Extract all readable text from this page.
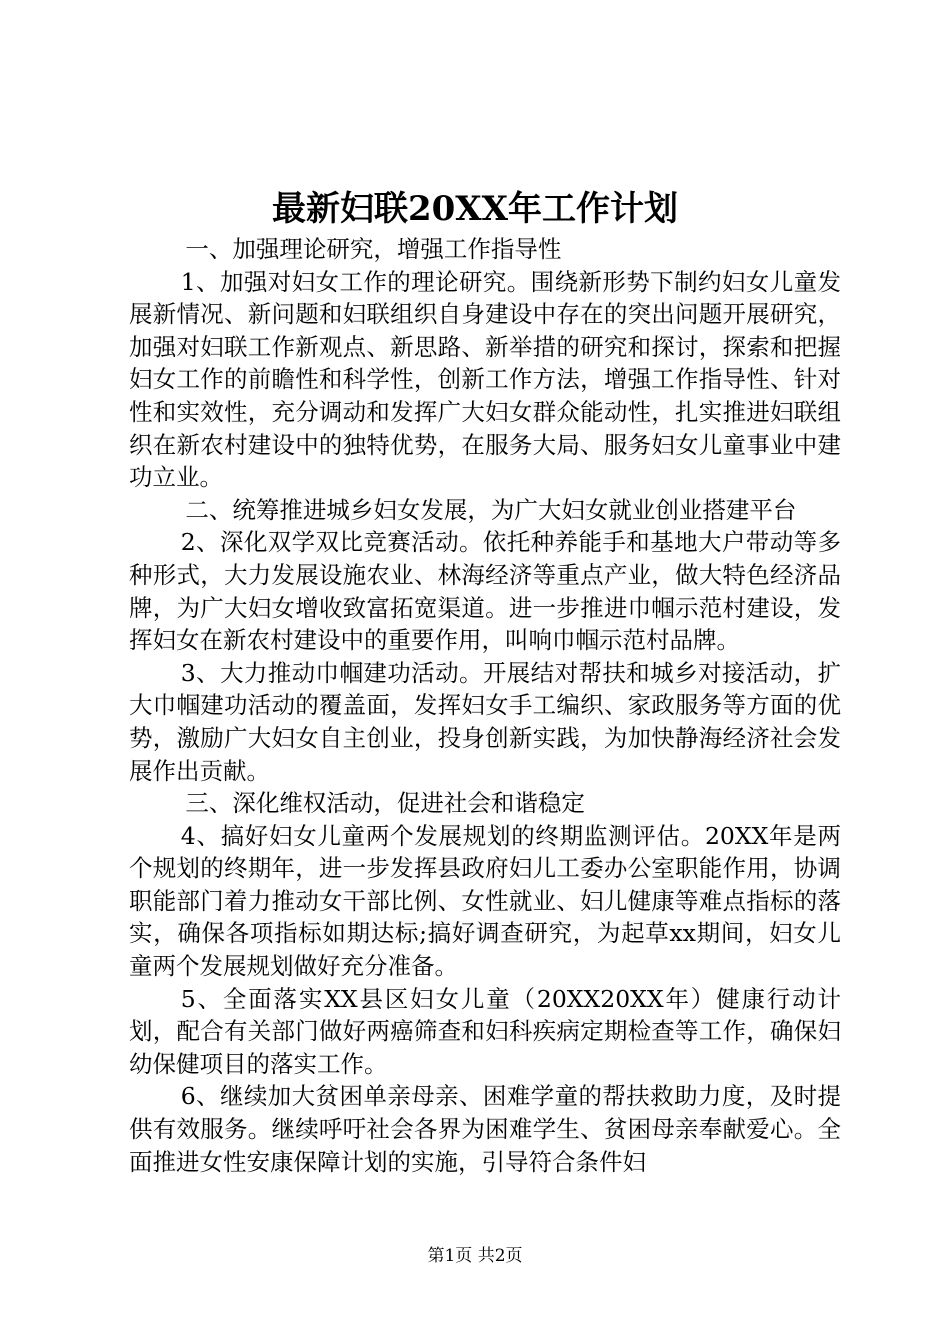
最新妇联20XX年工作计划

一、加强理论研究，增强工作指导性

1、加强对妇女工作的理论研究。围绕新形势下制约妇女儿童发展新情况、新问题和妇联组织自身建设中存在的突出问题开展研究，加强对妇联工作新观点、新思路、新举措的研究和探讨，探索和把握妇女工作的前瞻性和科学性，创新工作方法，增强工作指导性、针对性和实效性，充分调动和发挥广大妇女群众能动性，扎实推进妇联组织在新农村建设中的独特优势，在服务大局、服务妇女儿童事业中建功立业。

二、统筹推进城乡妇女发展，为广大妇女就业创业搭建平台

2、深化双学双比竞赛活动。依托种养能手和基地大户带动等多种形式，大力发展设施农业、林海经济等重点产业，做大特色经济品牌，为广大妇女增收致富拓宽渠道。进一步推进巾帼示范村建设，发挥妇女在新农村建设中的重要作用，叫响巾帼示范村品牌。

3、大力推动巾帼建功活动。开展结对帮扶和城乡对接活动，扩大巾帼建功活动的覆盖面，发挥妇女手工编织、家政服务等方面的优势，激励广大妇女自主创业，投身创新实践，为加快静海经济社会发展作出贡献。

三、深化维权活动，促进社会和谐稳定

4、搞好妇女儿童两个发展规划的终期监测评估。20XX年是两个规划的终期年，进一步发挥县政府妇儿工委办公室职能作用，协调职能部门着力推动女干部比例、女性就业、妇儿健康等难点指标的落实，确保各项指标如期达标;搞好调查研究，为起草xx期间，妇女儿童两个发展规划做好充分准备。

5、全面落实XX县区妇女儿童（20XX20XX年）健康行动计划，配合有关部门做好两癌筛查和妇科疾病定期检查等工作，确保妇幼保健项目的落实工作。

6、继续加大贫困单亲母亲、困难学童的帮扶救助力度，及时提供有效服务。继续呼吁社会各界为困难学生、贫困母亲奉献爱心。全面推进女性安康保障计划的实施，引导符合条件妇

第1页 共2页
